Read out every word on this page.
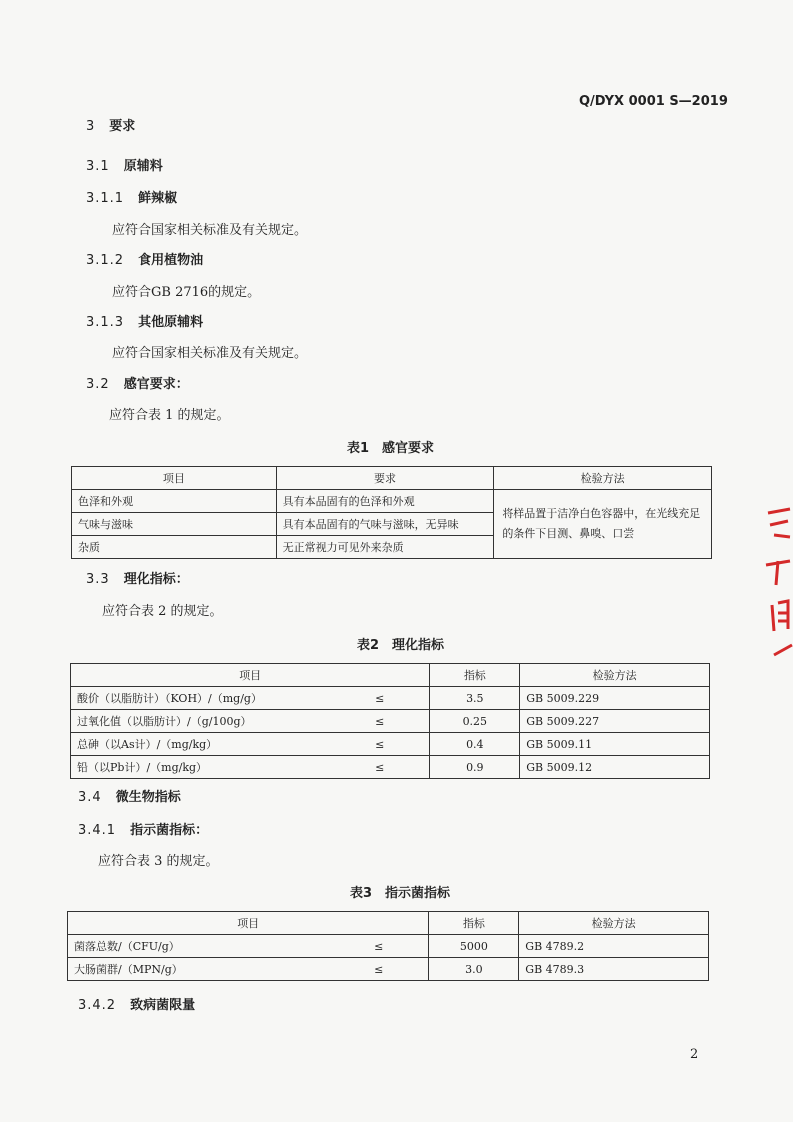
Q/DYX 0001 S—2019
3 要求
3.1 原辅料
3.1.1 鲜辣椒
应符合国家相关标准及有关规定。
3.1.2 食用植物油
应符合GB 2716的规定。
3.1.3 其他原辅料
应符合国家相关标准及有关规定。
3.2 感官要求：
应符合表 1 的规定。
表1　感官要求
项目	要求	检验方法
色泽和外观	具有本品固有的色泽和外观	将样品置于洁净白色容器中，在光线充足的条件下目测、鼻嗅、口尝
气味与滋味	具有本品固有的气味与滋味，无异味	
杂质	无正常视力可见外来杂质	
3.3 理化指标：
应符合表 2 的规定。
表2　理化指标
项目		指标	检验方法
酸价（以脂肪计）（KOH）/（mg/g）	≤	3.5	GB 5009.229
过氧化值（以脂肪计）/（g/100g）	≤	0.25	GB 5009.227
总砷（以As计）/（mg/kg）	≤	0.4	GB 5009.11
铅（以Pb计）/（mg/kg）	≤	0.9	GB 5009.12
3.4 微生物指标
3.4.1 指示菌指标：
应符合表 3 的规定。
表3　指示菌指标
项目		指标	检验方法
菌落总数/（CFU/g）	≤	5000	GB 4789.2
大肠菌群/（MPN/g）	≤	3.0	GB 4789.3
3.4.2 致病菌限量
2
